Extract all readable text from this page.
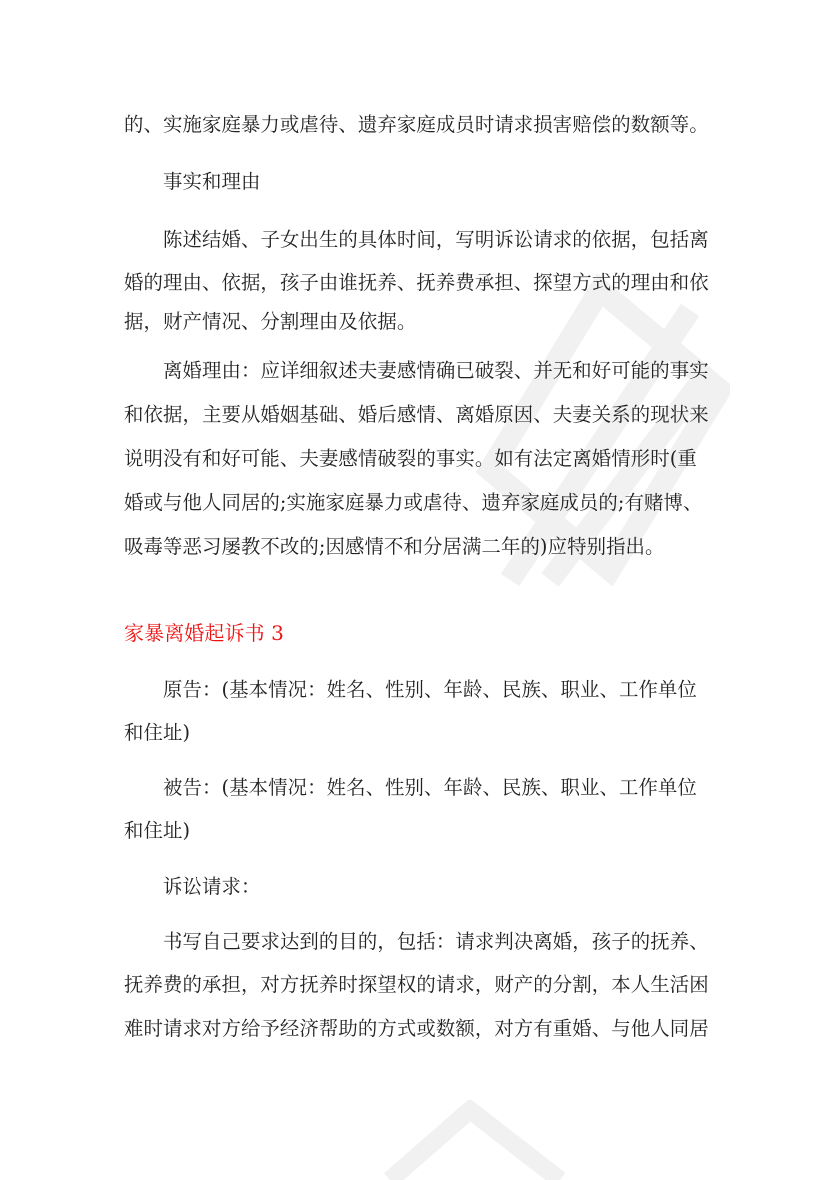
的、实施家庭暴力或虐待、遗弃家庭成员时请求损害赔偿的数额等。
事实和理由
陈述结婚、子女出生的具体时间，写明诉讼请求的依据，包括离
婚的理由、依据，孩子由谁抚养、抚养费承担、探望方式的理由和依
据，财产情况、分割理由及依据。
离婚理由：应详细叙述夫妻感情确已破裂、并无和好可能的事实
和依据，主要从婚姻基础、婚后感情、离婚原因、夫妻关系的现状来
说明没有和好可能、夫妻感情破裂的事实。如有法定离婚情形时(重
婚或与他人同居的;实施家庭暴力或虐待、遗弃家庭成员的;有赌博、
吸毒等恶习屡教不改的;因感情不和分居满二年的)应特别指出。
家暴离婚起诉书 3
原告：(基本情况：姓名、性别、年龄、民族、职业、工作单位
和住址)
被告：(基本情况：姓名、性别、年龄、民族、职业、工作单位
和住址)
诉讼请求：
书写自己要求达到的目的，包括：请求判决离婚，孩子的抚养、
抚养费的承担，对方抚养时探望权的请求，财产的分割，本人生活困
难时请求对方给予经济帮助的方式或数额，对方有重婚、与他人同居
